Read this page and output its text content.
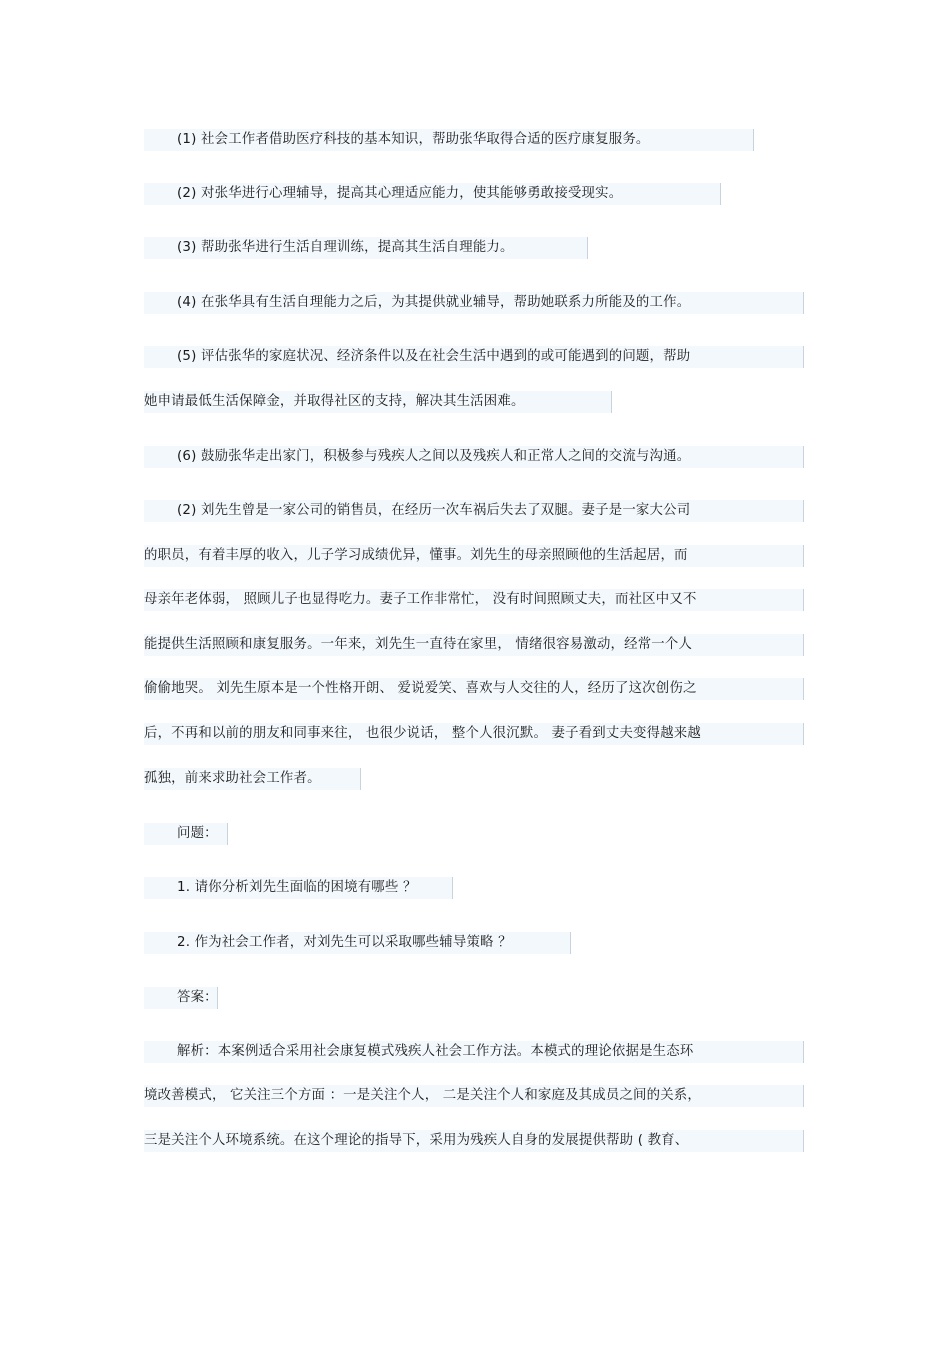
(1) 社会工作者借助医疗科技的基本知识，帮助张华取得合适的医疗康复服务。
(2) 对张华进行心理辅导，提高其心理适应能力，使其能够勇敢接受现实。
(3) 帮助张华进行生活自理训练，提高其生活自理能力。
(4) 在张华具有生活自理能力之后，为其提供就业辅导，帮助她联系力所能及的工作。
(5) 评估张华的家庭状况、经济条件以及在社会生活中遇到的或可能遇到的问题，帮助
她申请最低生活保障金，并取得社区的支持，解决其生活困难。
(6) 鼓励张华走出家门，积极参与残疾人之间以及残疾人和正常人之间的交流与沟通。
(2) 刘先生曾是一家公司的销售员，在经历一次车祸后失去了双腿。妻子是一家大公司
的职员，有着丰厚的收入，儿子学习成绩优异，懂事。刘先生的母亲照顾他的生活起居，而
母亲年老体弱， 照顾儿子也显得吃力。妻子工作非常忙， 没有时间照顾丈夫，而社区中又不
能提供生活照顾和康复服务。一年来，刘先生一直待在家里， 情绪很容易激动，经常一个人
偷偷地哭。 刘先生原本是一个性格开朗、 爱说爱笑、喜欢与人交往的人，经历了这次创伤之
后，不再和以前的朋友和同事来往， 也很少说话， 整个人很沉默。 妻子看到丈夫变得越来越
孤独，前来求助社会工作者。
问题：
1. 请你分析刘先生面临的困境有哪些 ？
2. 作为社会工作者，对刘先生可以采取哪些辅导策略 ？
答案：
解析：本案例适合采用社会康复模式残疾人社会工作方法。本模式的理论依据是生态环
境改善模式， 它关注三个方面 ：一是关注个人， 二是关注个人和家庭及其成员之间的关系，
三是关注个人环境系统。在这个理论的指导下，采用为残疾人自身的发展提供帮助 ( 教育、
